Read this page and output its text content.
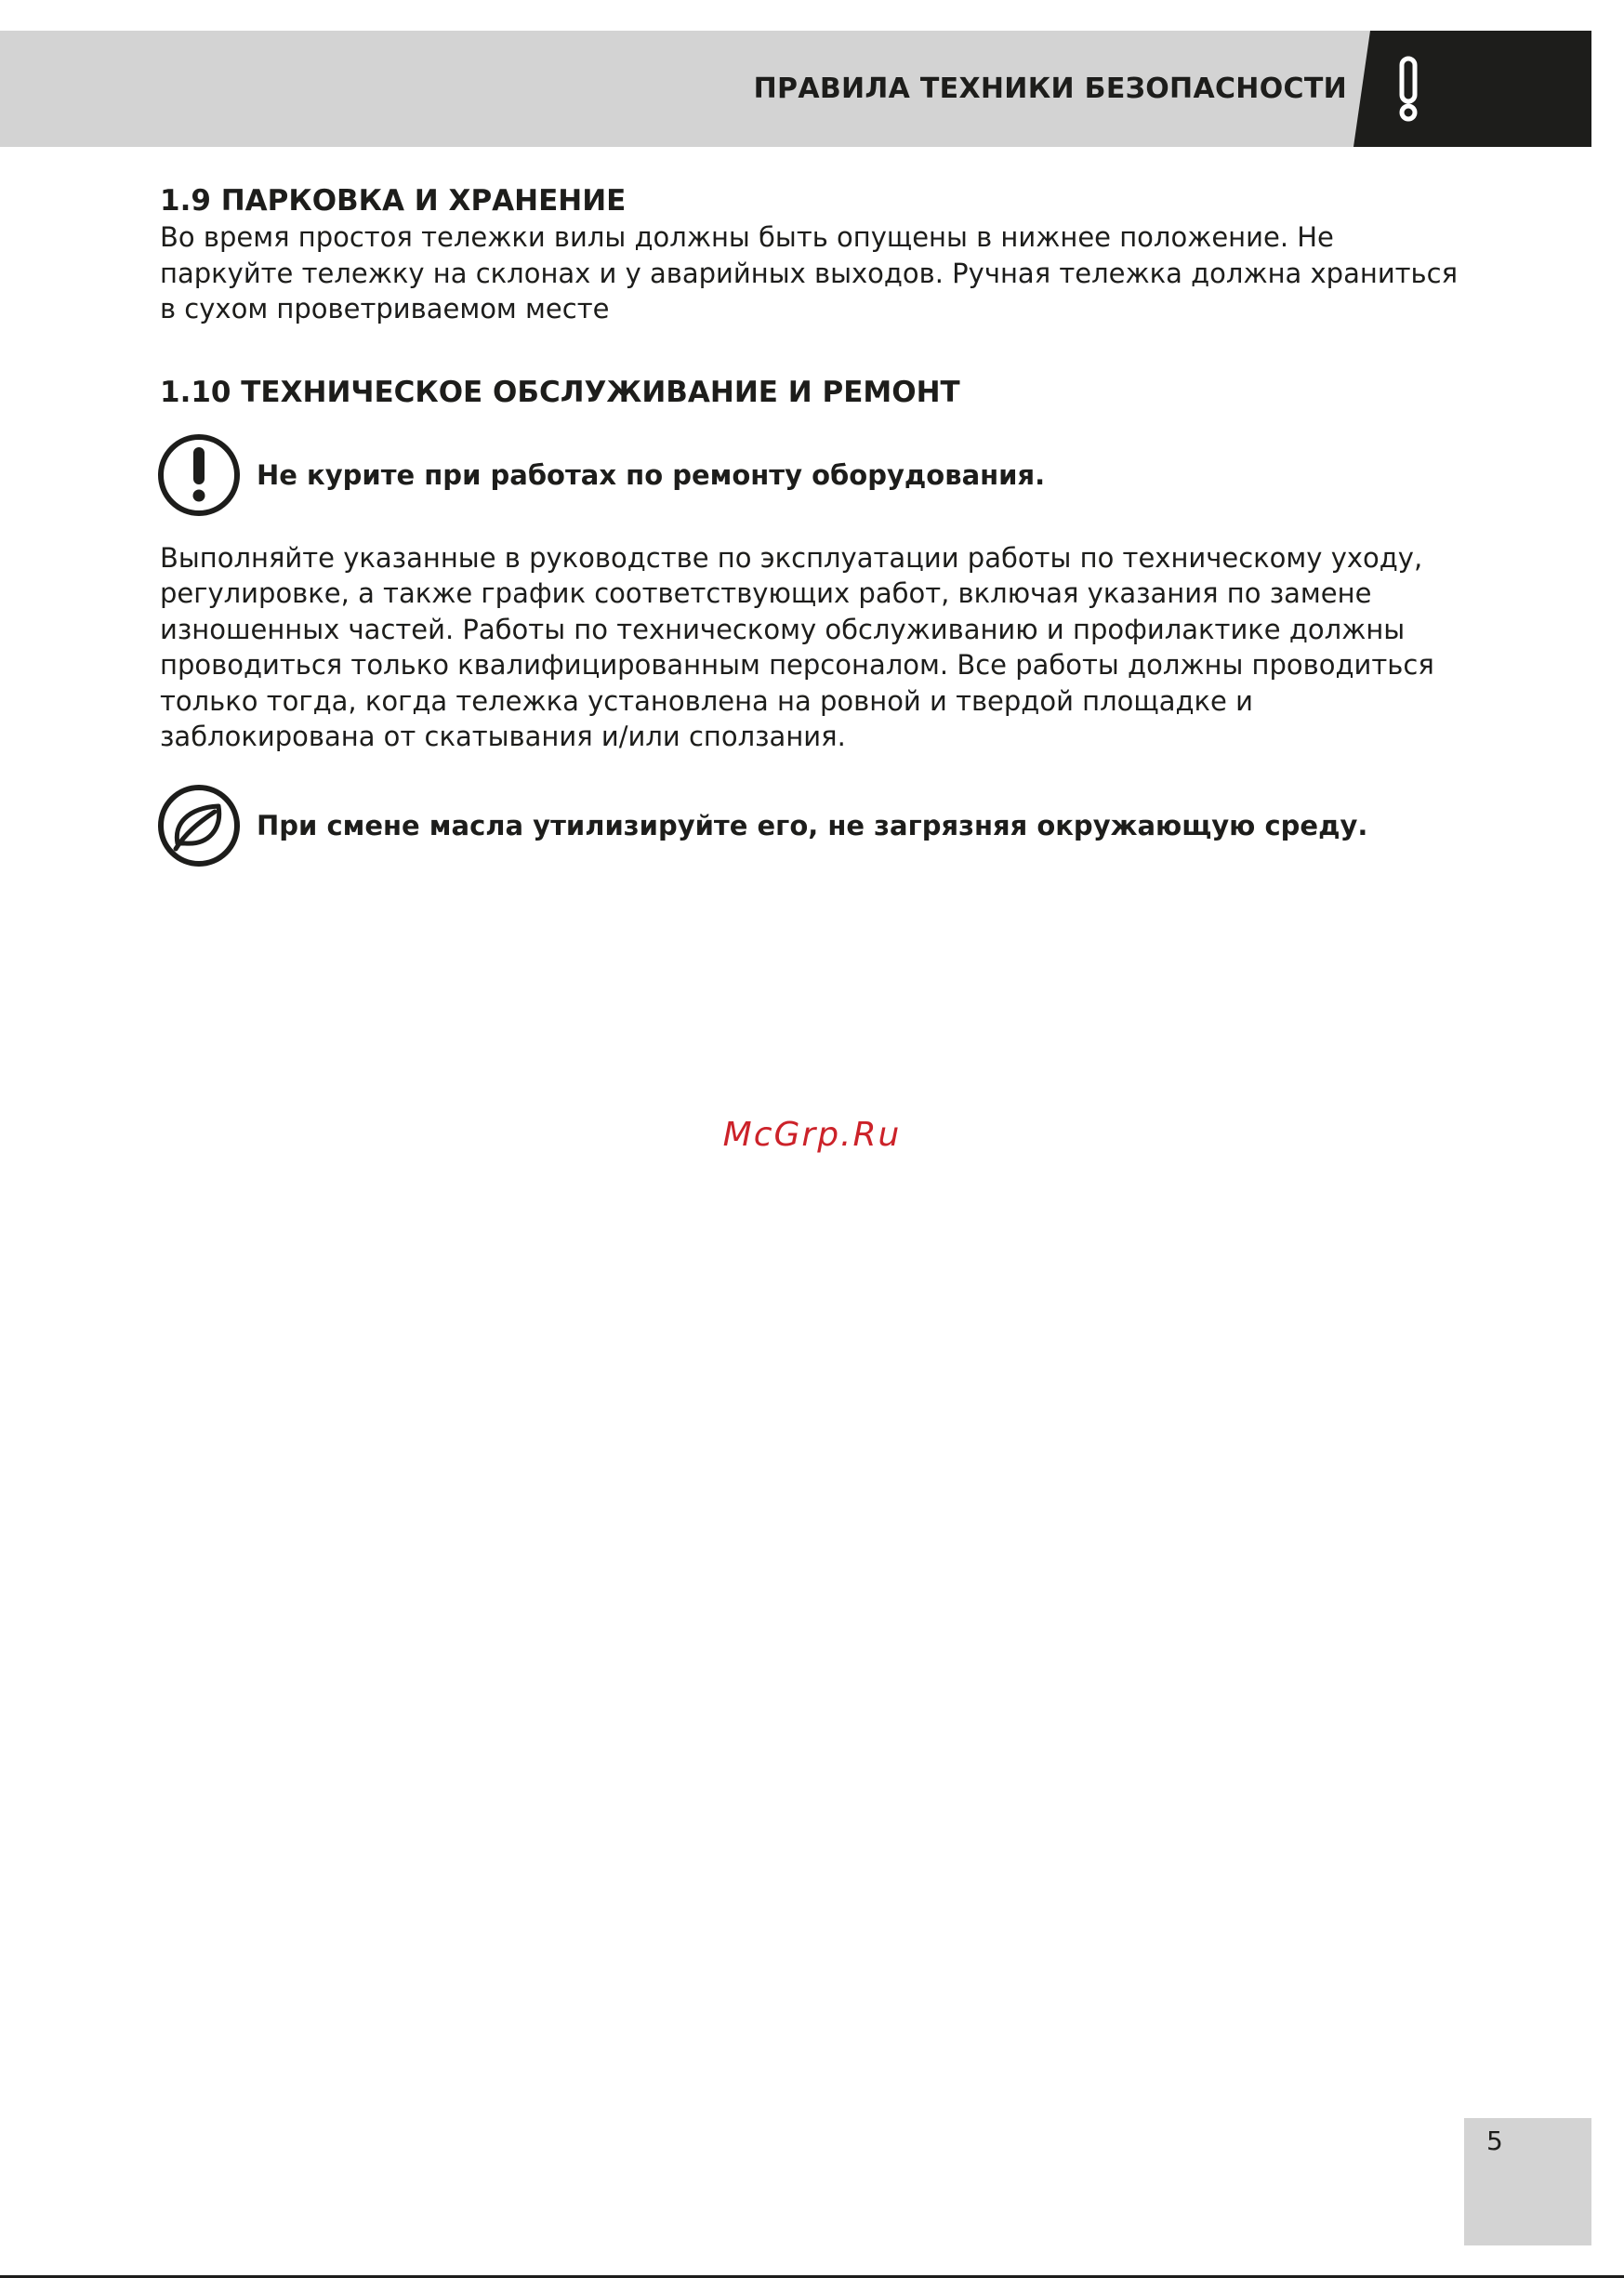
ПРАВИЛА ТЕХНИКИ БЕЗОПАСНОСТИ
1.9 ПАРКОВКА И ХРАНЕНИЕ

Во время простоя тележки вилы должны быть опущены в нижнее положение. Не паркуйте тележку на склонах и у аварийных выходов. Ручная тележка должна храниться в сухом проветриваемом месте

1.10 ТЕХНИЧЕСКОЕ ОБСЛУЖИВАНИЕ И РЕМОНТ
Не курите при работах по ремонту оборудования.

Выполняйте указанные в руководстве по эксплуатации работы по техническому уходу, регулировке, а также график соответствующих работ, включая указания по замене изношенных частей. Работы по техническому обслуживанию и профилактике должны проводиться только квалифицированным персоналом. Все работы должны проводиться только тогда, когда тележка установлена на ровной и твердой площадке и заблокирована от скатывания и/или сползания.

При смене масла утилизируйте его, не загрязняя окружающую среду.
McGrp.Ru
5
